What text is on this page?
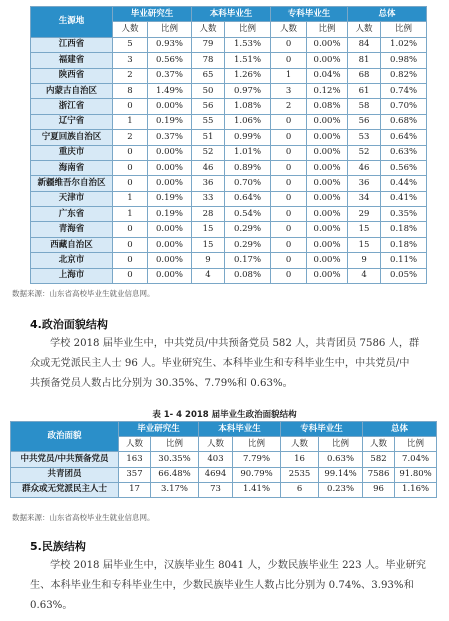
生源地	毕业研究生		本科毕业生		专科毕业生		总体	
	人数	比例	人数	比例	人数	比例	人数	比例
江西省	5	0.93%	79	1.53%	0	0.00%	84	1.02%
福建省	3	0.56%	78	1.51%	0	0.00%	81	0.98%
陕西省	2	0.37%	65	1.26%	1	0.04%	68	0.82%
内蒙古自治区	8	1.49%	50	0.97%	3	0.12%	61	0.74%
浙江省	0	0.00%	56	1.08%	2	0.08%	58	0.70%
辽宁省	1	0.19%	55	1.06%	0	0.00%	56	0.68%
宁夏回族自治区	2	0.37%	51	0.99%	0	0.00%	53	0.64%
重庆市	0	0.00%	52	1.01%	0	0.00%	52	0.63%
海南省	0	0.00%	46	0.89%	0	0.00%	46	0.56%
新疆维吾尔自治区	0	0.00%	36	0.70%	0	0.00%	36	0.44%
天津市	1	0.19%	33	0.64%	0	0.00%	34	0.41%
广东省	1	0.19%	28	0.54%	0	0.00%	29	0.35%
青海省	0	0.00%	15	0.29%	0	0.00%	15	0.18%
西藏自治区	0	0.00%	15	0.29%	0	0.00%	15	0.18%
北京市	0	0.00%	9	0.17%	0	0.00%	9	0.11%
上海市	0	0.00%	4	0.08%	0	0.00%	4	0.05%
数据来源：山东省高校毕业生就业信息网。
4.政治面貌结构
学校 2018 届毕业生中，中共党员/中共预备党员 582 人，共青团员 7586 人，群
众或无党派民主人士 96 人。毕业研究生、本科毕业生和专科毕业生中，中共党员/中
共预备党员人数占比分别为 30.35%、7.79%和 0.63%。
表 1- 4 2018 届毕业生政治面貌结构
政治面貌	毕业研究生		本科毕业生		专科毕业生		总体	
	人数	比例	人数	比例	人数	比例	人数	比例
中共党员/中共预备党员	163	30.35%	403	7.79%	16	0.63%	582	7.04%
共青团员	357	66.48%	4694	90.79%	2535	99.14%	7586	91.80%
群众或无党派民主人士	17	3.17%	73	1.41%	6	0.23%	96	1.16%
数据来源：山东省高校毕业生就业信息网。
5.民族结构
学校 2018 届毕业生中，汉族毕业生 8041 人，少数民族毕业生 223 人。毕业研究
生、本科毕业生和专科毕业生中，少数民族毕业生人数占比分别为 0.74%、3.93%和
0.63%。
